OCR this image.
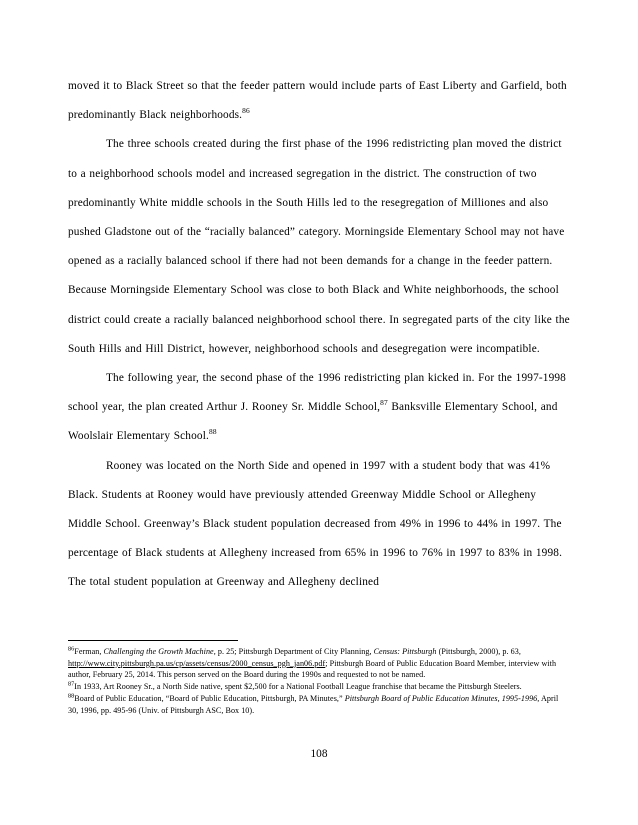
moved it to Black Street so that the feeder pattern would include parts of East Liberty and Garfield, both predominantly Black neighborhoods.$^{86}$

The three schools created during the first phase of the 1996 redistricting plan moved the district to a neighborhood schools model and increased segregation in the district. The construction of two predominantly White middle schools in the South Hills led to the resegregation of Milliones and also pushed Gladstone out of the “racially balanced” category. Morningside Elementary School may not have opened as a racially balanced school if there had not been demands for a change in the feeder pattern. Because Morningside Elementary School was close to both Black and White neighborhoods, the school district could create a racially balanced neighborhood school there. In segregated parts of the city like the South Hills and Hill District, however, neighborhood schools and desegregation were incompatible.

The following year, the second phase of the 1996 redistricting plan kicked in. For the 1997-1998 school year, the plan created Arthur J. Rooney Sr. Middle School,$^{87}$ Banksville Elementary School, and Woolslair Elementary School.$^{88}$

Rooney was located on the North Side and opened in 1997 with a student body that was 41% Black. Students at Rooney would have previously attended Greenway Middle School or Allegheny Middle School. Greenway’s Black student population decreased from 49% in 1996 to 44% in 1997. The percentage of Black students at Allegheny increased from 65% in 1996 to 76% in 1997 to 83% in 1998. The total student population at Greenway and Allegheny declined

$^{86}$Ferman, Challenging the Growth Machine, p. 25; Pittsburgh Department of City Planning, Census: Pittsburgh (Pittsburgh, 2000), p. 63, http://www.city.pittsburgh.pa.us/cp/assets/census/2000_census_pgh_jan06.pdf; Pittsburgh Board of Public Education Board Member, interview with author, February 25, 2014. This person served on the Board during the 1990s and requested to not be named.

$^{87}$In 1933, Art Rooney Sr., a North Side native, spent $2,500 for a National Football League franchise that became the Pittsburgh Steelers.

$^{88}$Board of Public Education, “Board of Public Education, Pittsburgh, PA Minutes,” Pittsburgh Board of Public Education Minutes, 1995-1996, April 30, 1996, pp. 495-96 (Univ. of Pittsburgh ASC, Box 10).

108
